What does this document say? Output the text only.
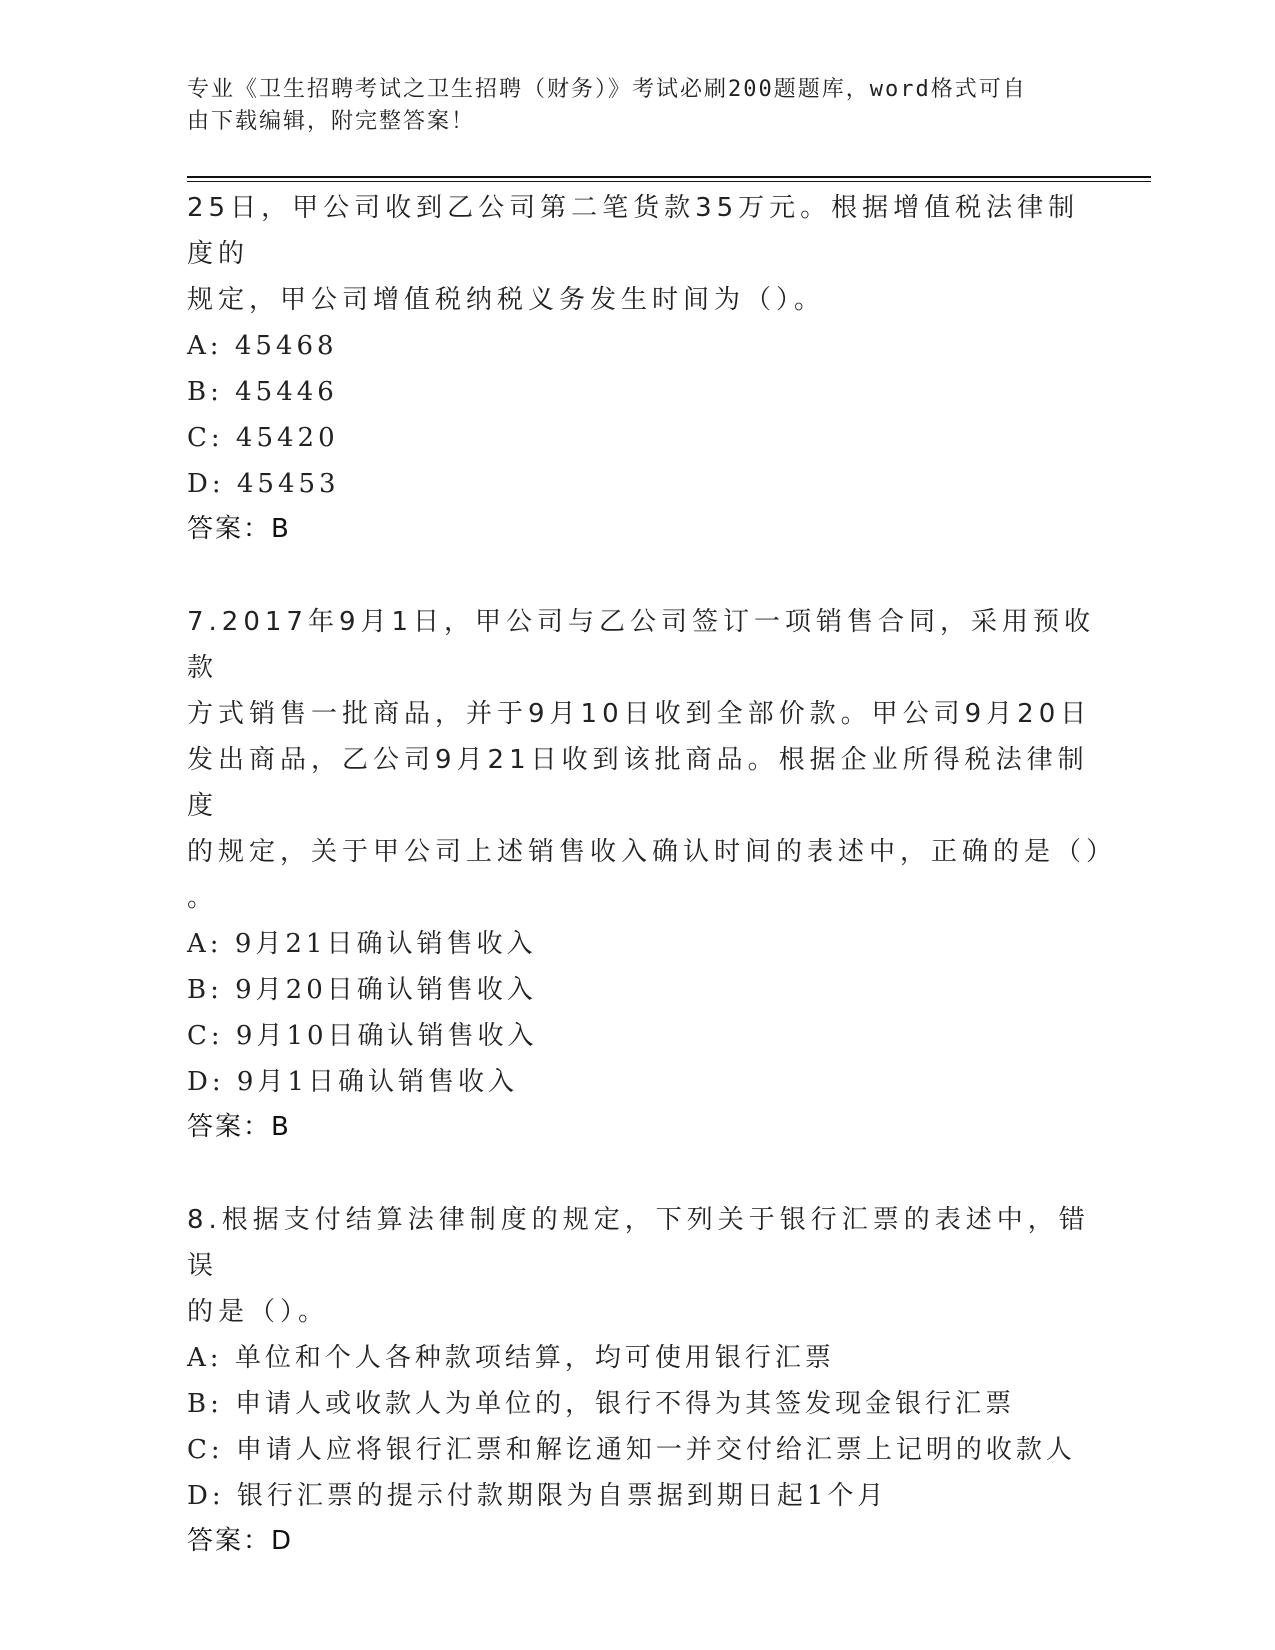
专业《卫生招聘考试之卫生招聘（财务）》考试必刷200题题库，word格式可自
由下载编辑，附完整答案！

25日，甲公司收到乙公司第二笔货款35万元。根据增值税法律制度的

规定，甲公司增值税纳税义务发生时间为（）。

A: 45468

B: 45446

C: 45420

D: 45453

答案：B

7.2017年9月1日，甲公司与乙公司签订一项销售合同，采用预收款

方式销售一批商品，并于9月10日收到全部价款。甲公司9月20日

发出商品，乙公司9月21日收到该批商品。根据企业所得税法律制度

的规定，关于甲公司上述销售收入确认时间的表述中，正确的是（）

。

A: 9月21日确认销售收入

B: 9月20日确认销售收入

C: 9月10日确认销售收入

D: 9月1日确认销售收入

答案：B

8.根据支付结算法律制度的规定，下列关于银行汇票的表述中，错误

的是（）。

A: 单位和个人各种款项结算，均可使用银行汇票

B: 申请人或收款人为单位的，银行不得为其签发现金银行汇票

C: 申请人应将银行汇票和解讫通知一并交付给汇票上记明的收款人

D: 银行汇票的提示付款期限为自票据到期日起1个月

答案：D
